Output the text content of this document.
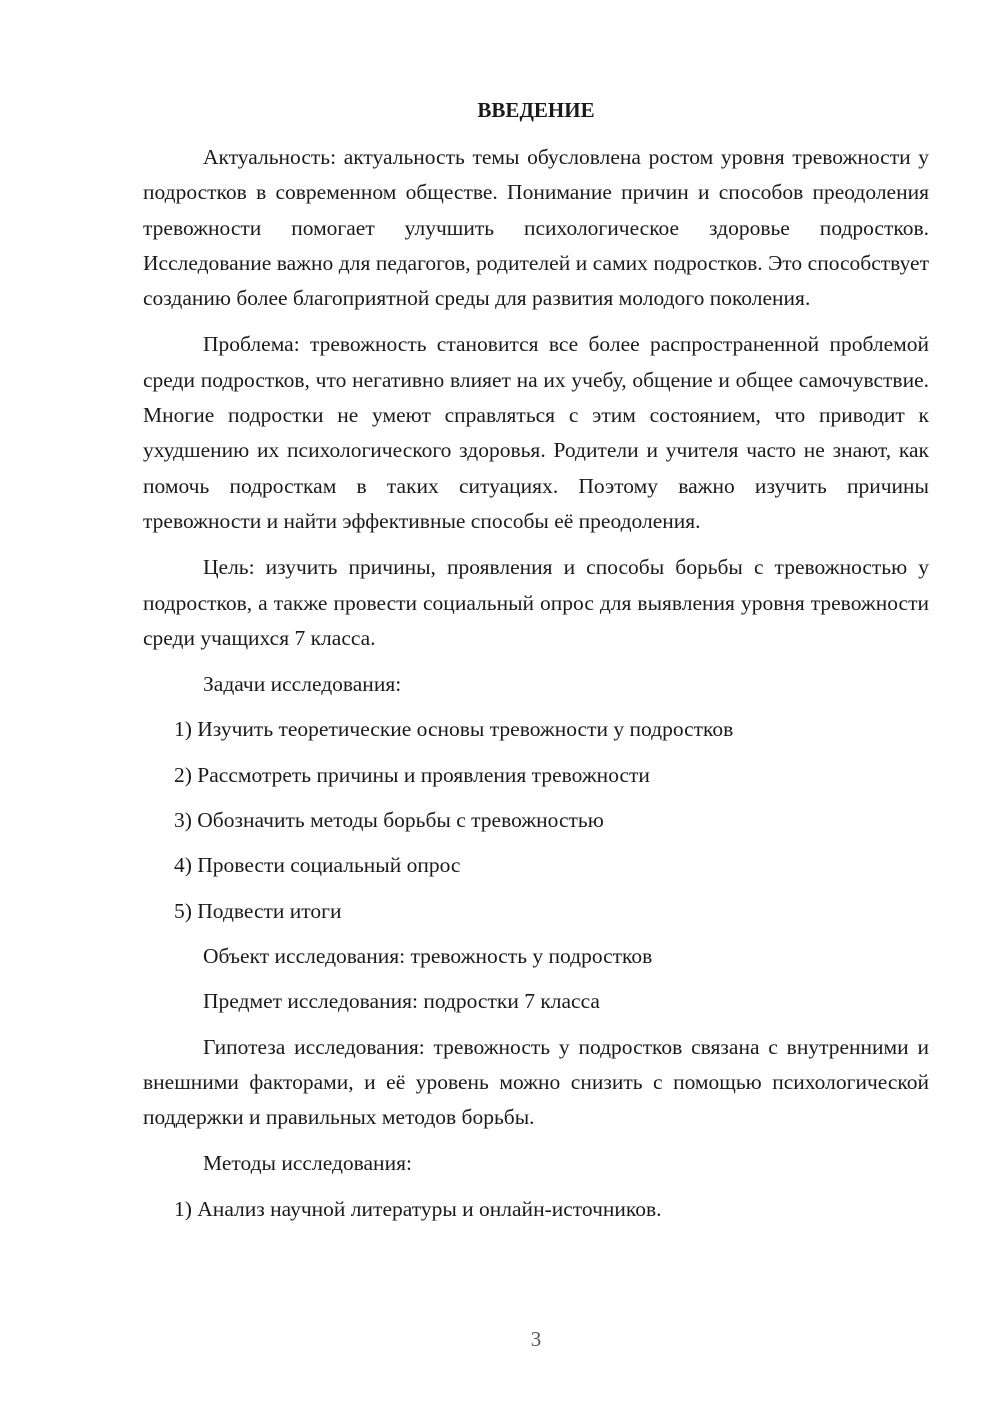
ВВЕДЕНИЕ

Актуальность: актуальность темы обусловлена ростом уровня тревожности у подростков в современном обществе. Понимание причин и способов преодоления тревожности помогает улучшить психологическое здоровье подростков. Исследование важно для педагогов, родителей и самих подростков. Это способствует созданию более благоприятной среды для развития молодого поколения.

Проблема: тревожность становится все более распространенной проблемой среди подростков, что негативно влияет на их учебу, общение и общее самочувствие. Многие подростки не умеют справляться с этим состоянием, что приводит к ухудшению их психологического здоровья. Родители и учителя часто не знают, как помочь подросткам в таких ситуациях. Поэтому важно изучить причины тревожности и найти эффективные способы её преодоления.

Цель: изучить причины, проявления и способы борьбы с тревожностью у подростков, а также провести социальный опрос для выявления уровня тревожности среди учащихся 7 класса.

Задачи исследования:

1) Изучить теоретические основы тревожности у подростков

2) Рассмотреть причины и проявления тревожности

3) Обозначить методы борьбы с тревожностью

4) Провести социальный опрос

5) Подвести итоги

Объект исследования: тревожность у подростков

Предмет исследования: подростки 7 класса

Гипотеза исследования: тревожность у подростков связана с внутренними и внешними факторами, и её уровень можно снизить с помощью психологической поддержки и правильных методов борьбы.

Методы исследования:

1) Анализ научной литературы и онлайн-источников.

3
